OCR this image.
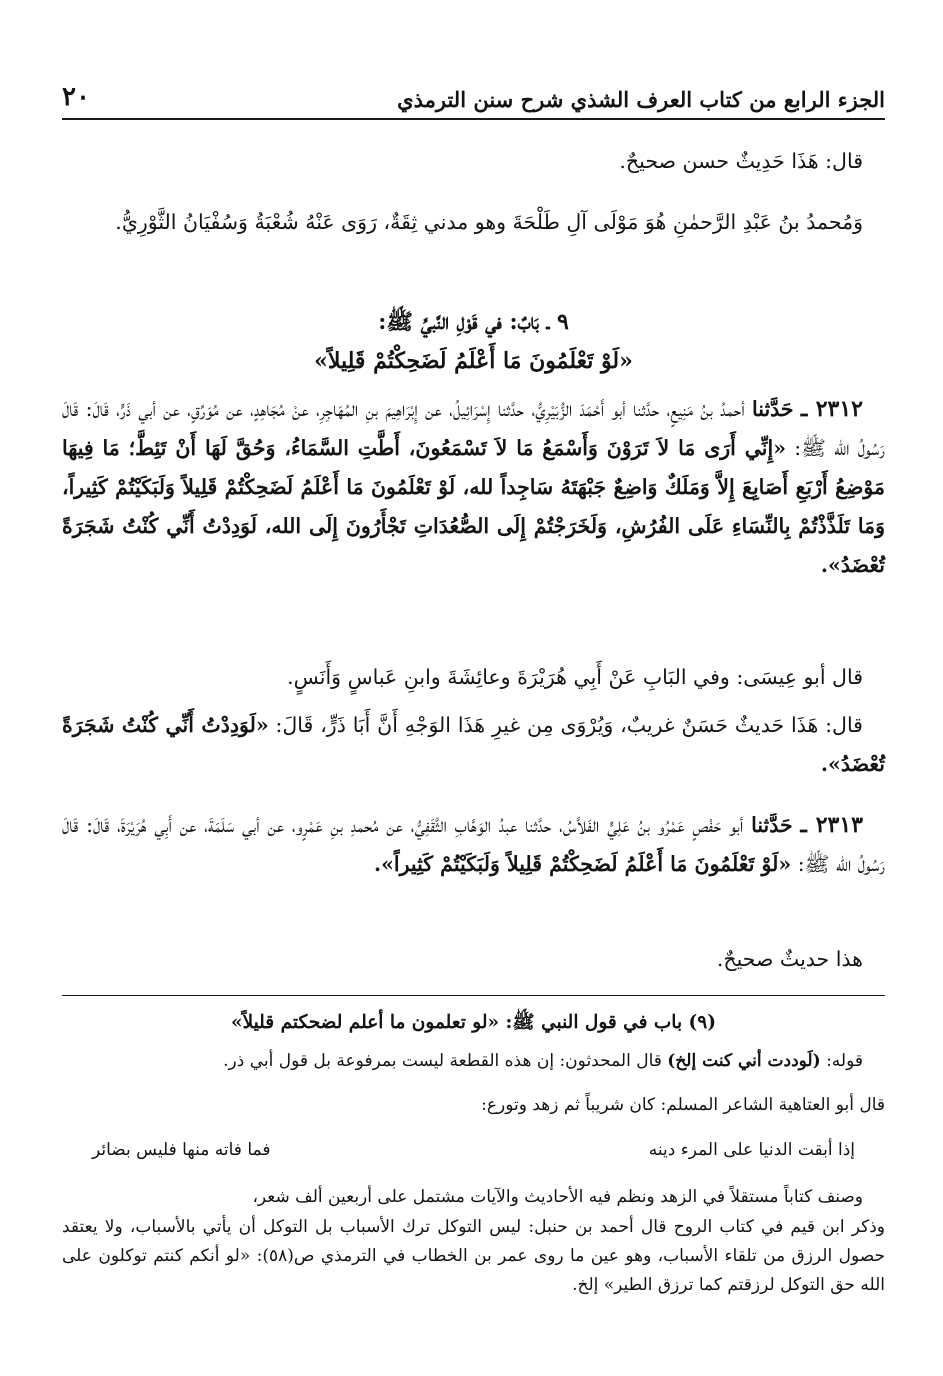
الجزء الرابع من كتاب العرف الشذي شرح سنن الترمذي
٢٠
قال: هَذَا حَدِيثٌ حسن صحيحٌ.
وَمُحمدُ بنُ عَبْدِ الرَّحمٰنِ هُوَ مَوْلَى آلِ طَلْحَةَ وهو مدني ثِقَةٌ، رَوَى عَنْهُ شُعْبَةُ وَسُفْيَانُ الثَّوْرِيُّ.
٩ ـ بَابٌ: في قَوْلِ النَّبيِّ ﷺ:
«لَوْ تَعْلَمُونَ مَا أَعْلَمُ لَضَحِكْتُمْ قَلِيلاً»
٢٣١٢ ـ حَدَّثنا أحمدُ بنُ مَنِيعٍ، حدَّثنا أبو أَحْمَدَ الزُّبَيْرِيُّ، حدَّثنا إِسْرَائِيلُ، عن إِبْرَاهِيمَ بنِ المُهَاجِرِ، عنْ مُجَاهِدٍ، عن مُوَرِّقٍ، عن أبي ذَرٍّ، قَالَ: قَالَ رَسُولُ الله ﷺ: «إِنِّي أَرَى مَا لاَ تَرَوْنَ وَأَسْمَعُ مَا لاَ تَسْمَعُونَ، أَطَّتِ السَّمَاءُ، وَحُقَّ لَهَا أَنْ تَئِطَّ؛ مَا فِيهَا مَوْضِعُ أَرْبَعِ أَصَابِعَ إِلاَّ وَمَلَكٌ وَاضِعٌ جَبْهَتَهُ سَاجِداً لله، لَوْ تَعْلَمُونَ مَا أَعْلَمُ لَضَحِكْتُمْ قَلِيلاً وَلَبَكَيْتُمْ كَثِيراً، وَمَا تَلَذَّذْتُمْ بِالنِّسَاءِ عَلَى الفُرُشِ، وَلَخَرَجْتُمْ إِلَى الصُّعُدَاتِ تَجْأَرُونَ إِلَى الله، لَوَدِدْتُ أَنِّي كُنْتُ شَجَرَةً تُعْضَدُ».
قال أبو عِيسَى: وفي البَابِ عَنْ أَبِي هُرَيْرَةَ وعائِشَةَ وابنِ عَباسٍ وَأَنَسٍ.
قال: هَذَا حَديثٌ حَسَنٌ غريبٌ، وَيُرْوَى مِن غيرِ هَذَا الوَجْهِ أَنَّ أَبَا ذَرٍّ، قَالَ: «لَوَدِدْتُ أَنِّي كُنْتُ شَجَرَةً تُعْضَدُ».
٢٣١٣ ـ حَدَّثنا أبو حَفْصٍ عَمْرُو بنُ عَلِيٍّ الفَلاَّسُ، حدَّثنا عبدُ الوَهَّابِ الثَّقَفِيُّ، عن مُحمدِ بنِ عَمْرٍو، عن أبي سَلَمَةَ، عن أَبِي هُرَيْرَةَ، قَالَ: قَالَ رَسُولُ الله ﷺ: «لَوْ تَعْلَمُونَ مَا أَعْلَمُ لَضَحِكْتُمْ قَلِيلاً وَلَبَكَيْتُمْ كَثِيراً».
هذا حديثٌ صحيحٌ.
(٩) باب في قول النبي ﷺ: «لو تعلمون ما أعلم لضحكتم قليلاً»
قوله: (لَوددت أني كنت إلخ) قال المحدثون: إن هذه القطعة ليست بمرفوعة بل قول أبي ذر.
قال أبو العتاهية الشاعر المسلم: كان شريباً ثم زهد وتورع:
إذا أبقت الدنيا على المرء دينه
فما فاته منها فليس بضائر
وصنف كتاباً مستقلاً في الزهد ونظم فيه الأحاديث والآيات مشتمل على أربعين ألف شعر،
وذكر ابن قيم في كتاب الروح قال أحمد بن حنبل: ليس التوكل ترك الأسباب بل التوكل أن يأتي بالأسباب، ولا يعتقد حصول الرزق من تلقاء الأسباب، وهو عين ما روى عمر بن الخطاب في الترمذي ص(٥٨): «لو أنكم كنتم توكلون على الله حق التوكل لرزقتم كما ترزق الطير» إلخ.
